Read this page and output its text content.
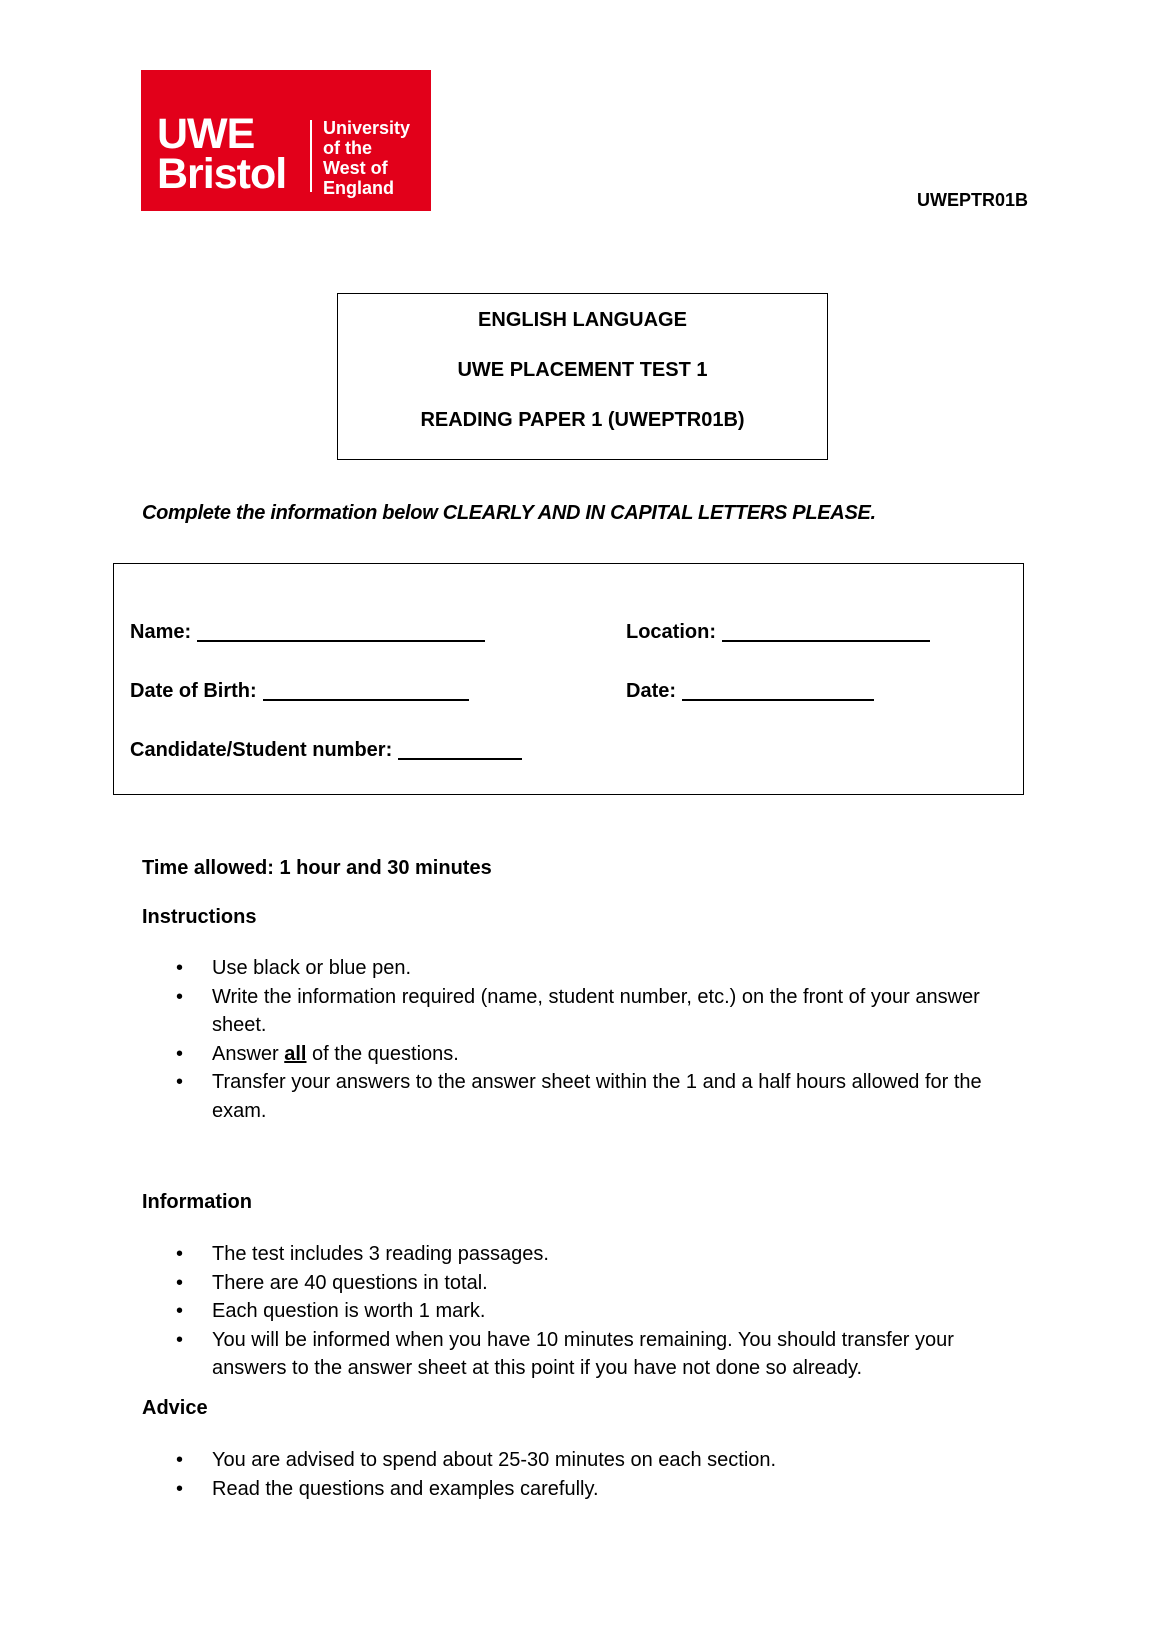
UWE
Bristol
University
of the
West of
England
UWEPTR01B
ENGLISH LANGUAGE
UWE PLACEMENT TEST 1
READING PAPER 1 (UWEPTR01B)
Complete the information below CLEARLY AND IN CAPITAL LETTERS PLEASE.
Name:	Location:
Date of Birth:	Date:
Candidate/Student number:
Time allowed: 1 hour and 30 minutes
Instructions
• Use black or blue pen.
• Write the information required (name, student number, etc.) on the front of your answer sheet.
• Answer all of the questions.
• Transfer your answers to the answer sheet within the 1 and a half hours allowed for the exam.
Information
• The test includes 3 reading passages.
• There are 40 questions in total.
• Each question is worth 1 mark.
• You will be informed when you have 10 minutes remaining. You should transfer your answers to the answer sheet at this point if you have not done so already.
Advice
• You are advised to spend about 25-30 minutes on each section.
• Read the questions and examples carefully.
